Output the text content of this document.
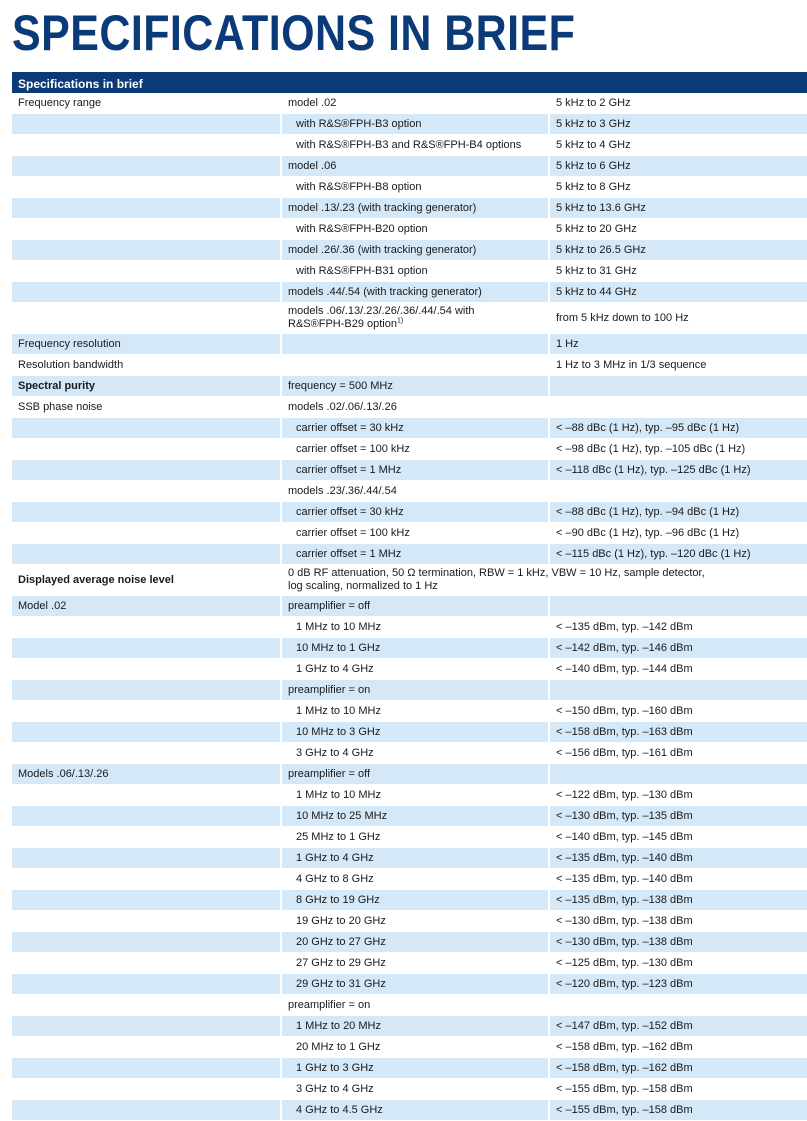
SPECIFICATIONS IN BRIEF
Specifications in brief		
Frequency range	model .02	5 kHz to 2 GHz
	with R&S®FPH-B3 option	5 kHz to 3 GHz
	with R&S®FPH-B3 and R&S®FPH-B4 options	5 kHz to 4 GHz
	model .06	5 kHz to 6 GHz
	with R&S®FPH-B8 option	5 kHz to 8 GHz
	model .13/.23 (with tracking generator)	5 kHz to 13.6 GHz
	with R&S®FPH-B20 option	5 kHz to 20 GHz
	model .26/.36 (with tracking generator)	5 kHz to 26.5 GHz
	with R&S®FPH-B31 option	5 kHz to 31 GHz
	models .44/.54 (with tracking generator)	5 kHz to 44 GHz
	models .06/.13/.23/.26/.36/.44/.54 with
R&S®FPH-B29 option$^{1)}$	from 5 kHz down to 100 Hz
Frequency resolution		1 Hz
Resolution bandwidth		1 Hz to 3 MHz in 1/3 sequence
Spectral purity	frequency = 500 MHz	
SSB phase noise	models .02/.06/.13/.26	
	carrier offset = 30 kHz	< –88 dBc (1 Hz), typ. –95 dBc (1 Hz)
	carrier offset = 100 kHz	< –98 dBc (1 Hz), typ. –105 dBc (1 Hz)
	carrier offset = 1 MHz	< –118 dBc (1 Hz), typ. –125 dBc (1 Hz)
	models .23/.36/.44/.54	
	carrier offset = 30 kHz	< –88 dBc (1 Hz), typ. –94 dBc (1 Hz)
	carrier offset = 100 kHz	< –90 dBc (1 Hz), typ. –96 dBc (1 Hz)
	carrier offset = 1 MHz	< –115 dBc (1 Hz), typ. –120 dBc (1 Hz)
Displayed average noise level	0 dB RF attenuation, 50 Ω termination, RBW = 1 kHz, VBW = 10 Hz, sample detector,
log scaling, normalized to 1 Hz	
Model .02	preamplifier = off	
	1 MHz to 10 MHz	< –135 dBm, typ. –142 dBm
	10 MHz to 1 GHz	< –142 dBm, typ. –146 dBm
	1 GHz to 4 GHz	< –140 dBm, typ. –144 dBm
	preamplifier = on	
	1 MHz to 10 MHz	< –150 dBm, typ. –160 dBm
	10 MHz to 3 GHz	< –158 dBm, typ. –163 dBm
	3 GHz to 4 GHz	< –156 dBm, typ. –161 dBm
Models .06/.13/.26	preamplifier = off	
	1 MHz to 10 MHz	< –122 dBm, typ. –130 dBm
	10 MHz to 25 MHz	< –130 dBm, typ. –135 dBm
	25 MHz to 1 GHz	< –140 dBm, typ. –145 dBm
	1 GHz to 4 GHz	< –135 dBm, typ. –140 dBm
	4 GHz to 8 GHz	< –135 dBm, typ. –140 dBm
	8 GHz to 19 GHz	< –135 dBm, typ. –138 dBm
	19 GHz to 20 GHz	< –130 dBm, typ. –138 dBm
	20 GHz to 27 GHz	< –130 dBm, typ. –138 dBm
	27 GHz to 29 GHz	< –125 dBm, typ. –130 dBm
	29 GHz to 31 GHz	< –120 dBm, typ. –123 dBm
	preamplifier = on	
	1 MHz to 20 MHz	< –147 dBm, typ. –152 dBm
	20 MHz to 1 GHz	< –158 dBm, typ. –162 dBm
	1 GHz to 3 GHz	< –158 dBm, typ. –162 dBm
	3 GHz to 4 GHz	< –155 dBm, typ. –158 dBm
	4 GHz to 4.5 GHz	< –155 dBm, typ. –158 dBm
